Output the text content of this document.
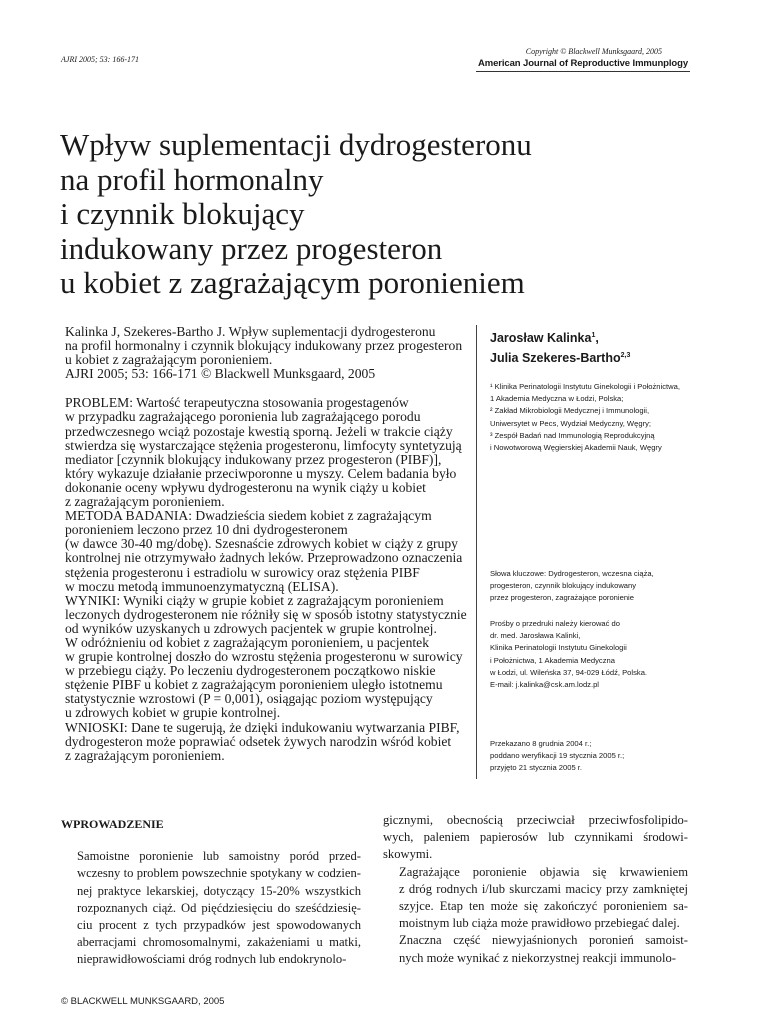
AJRI 2005; 53: 166-171
Copyright © Blackwell Munksgaard, 2005
American Journal of Reproductive Immunplogy
Wpływ suplementacji dydrogesteronu
na profil hormonalny
i czynnik blokujący
indukowany przez progesteron
u kobiet z zagrażającym poronieniem

Kalinka J, Szekeres-Bartho J. Wpływ suplementacji dydrogesteronu
na profil hormonalny i czynnik blokujący indukowany przez progesteron
u kobiet z zagrażającym poronieniem.
AJRI 2005; 53: 166-171 © Blackwell Munksgaard, 2005

PROBLEM: Wartość terapeutyczna stosowania progestagenów
w przypadku zagrażającego poronienia lub zagrażającego porodu
przedwczesnego wciąż pozostaje kwestią sporną. Jeżeli w trakcie ciąży
stwierdza się wystarczające stężenia progesteronu, limfocyty syntetyzują
mediator [czynnik blokujący indukowany przez progesteron (PIBF)],
który wykazuje działanie przeciwporonne u myszy. Celem badania było
dokonanie oceny wpływu dydrogesteronu na wynik ciąży u kobiet
z zagrażającym poronieniem.
METODA BADANIA: Dwadzieścia siedem kobiet z zagrażającym
poronieniem leczono przez 10 dni dydrogesteronem
(w dawce 30-40 mg/dobę). Szesnaście zdrowych kobiet w ciąży z grupy
kontrolnej nie otrzymywało żadnych leków. Przeprowadzono oznaczenia
stężenia progesteronu i estradiolu w surowicy oraz stężenia PIBF
w moczu metodą immunoenzymatyczną (ELISA).
WYNIKI: Wyniki ciąży w grupie kobiet z zagrażającym poronieniem
leczonych dydrogesteronem nie różniły się w sposób istotny statystycznie
od wyników uzyskanych u zdrowych pacjentek w grupie kontrolnej.
W odróżnieniu od kobiet z zagrażającym poronieniem, u pacjentek
w grupie kontrolnej doszło do wzrostu stężenia progesteronu w surowicy
w przebiegu ciąży. Po leczeniu dydrogesteronem początkowo niskie
stężenie PIBF u kobiet z zagrażającym poronieniem uległo istotnemu
statystycznie wzrostowi (P = 0,001), osiągając poziom występujący
u zdrowych kobiet w grupie kontrolnej.
WNIOSKI: Dane te sugerują, że dzięki indukowaniu wytwarzania PIBF,
dydrogesteron może poprawiać odsetek żywych narodzin wśród kobiet
z zagrażającym poronieniem.

Jarosław Kalinka$^1$,
Julia Szekeres-Bartho$^{2,3}$

¹ Klinika Perinatologii Instytutu Ginekologii i Położnictwa,

1 Akademia Medyczna w Łodzi, Polska;

² Zakład Mikrobiologii Medycznej i Immunologii,

Uniwersytet w Pecs, Wydział Medyczny, Węgry;

³ Zespół Badań nad Immunologią Reprodukcyjną

i Nowotworową Węgierskiej Akademii Nauk, Węgry

Słowa kluczowe: Dydrogesteron, wczesna ciąża,

progesteron, czynnik blokujący indukowany

przez progesteron, zagrażające poronienie

Prośby o przedruki należy kierować do

dr. med. Jarosława Kalinki,

Klinika Perinatologii Instytutu Ginekologii

i Położnictwa, 1 Akademia Medyczna

w Łodzi, ul. Wileńska 37, 94-029 Łódź, Polska.

E-mail: j.kalinka@csk.am.lodz.pl

Przekazano 8 grudnia 2004 r.;

poddano weryfikacji 19 stycznia 2005 r.;

przyjęto 21 stycznia 2005 r.

WPROWADZENIE

Samoistne poronienie lub samoistny poród przed-
wczesny to problem powszechnie spotykany w codzien-
nej praktyce lekarskiej, dotyczący 15-20% wszystkich
rozpoznanych ciąż. Od pięćdziesięciu do sześćdziesię-
ciu procent z tych przypadków jest spowodowanych
aberracjami chromosomalnymi, zakażeniami u matki,
nieprawidłowościami dróg rodnych lub endokrynolo-

gicznymi, obecnością przeciwciał przeciwfosfolipido-
wych, paleniem papierosów lub czynnikami środowi-
skowymi.

Zagrażające poronienie objawia się krwawieniem
z dróg rodnych i/lub skurczami macicy przy zamkniętej
szyjce. Etap ten może się zakończyć poronieniem sa-
moistnym lub ciąża może prawidłowo przebiegać dalej.

Znaczna część niewyjaśnionych poronień samoist-
nych może wynikać z niekorzystnej reakcji immunolo-

© BLACKWELL MUNKSGAARD, 2005
